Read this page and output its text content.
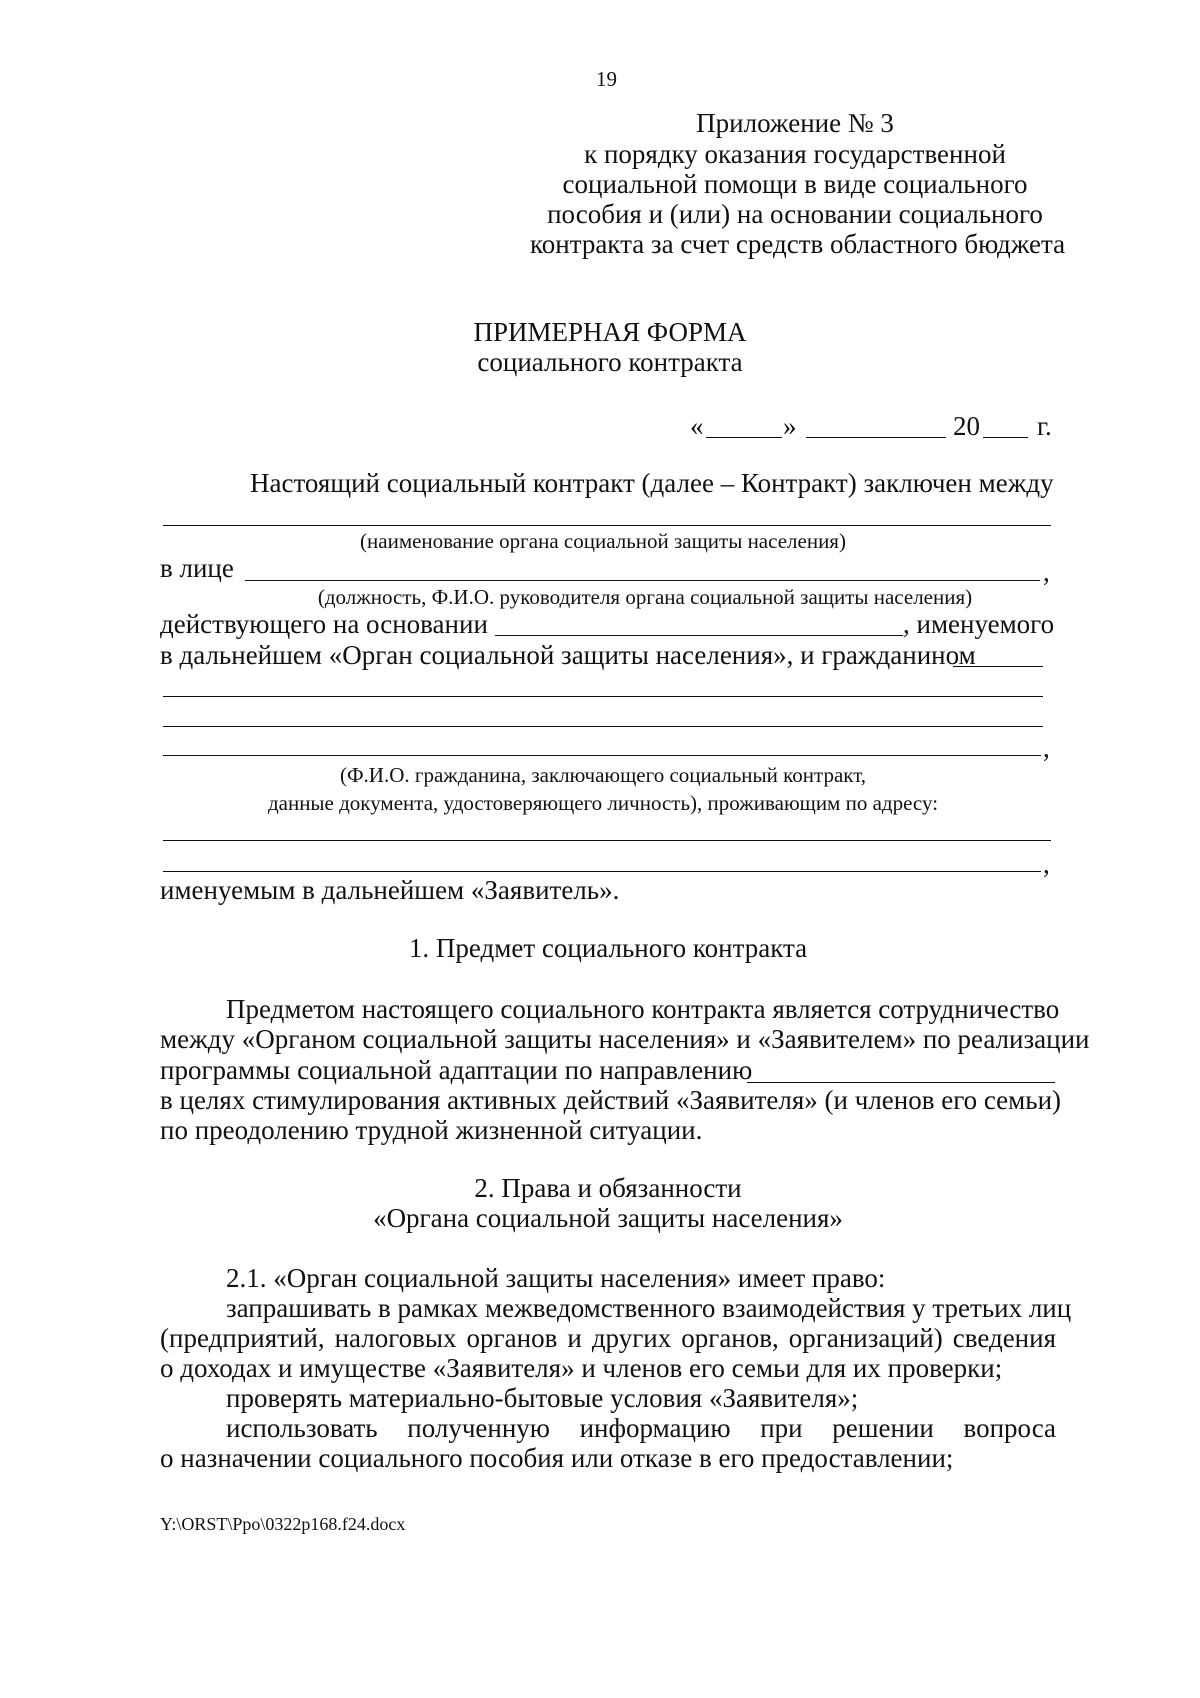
19
Приложение № 3
к порядку оказания государственной
социальной помощи в виде социального
пособия и (или) на основании социального
контракта за счет средств областного бюджета
ПРИМЕРНАЯ ФОРМА
социального контракта
«	»	20 г.
Настоящий социальный контракт (далее – Контракт) заключен между
(наименование органа социальной защиты населения)
в лице	,
(должность, Ф.И.О. руководителя органа социальной защиты населения)
действующего на основании	, именуемого
в дальнейшем «Орган социальной защиты населения», и гражданином
,
(Ф.И.О. гражданина, заключающего социальный контракт,
данные документа, удостоверяющего личность), проживающим по адресу:
,
именуемым в дальнейшем «Заявитель».
1. Предмет социального контракта
Предметом настоящего социального контракта является сотрудничество
между «Органом социальной защиты населения» и «Заявителем» по реализации
программы социальной адаптации по направлению
в целях стимулирования активных действий «Заявителя» (и членов его семьи)
по преодолению трудной жизненной ситуации.
2. Права и обязанности
«Органа социальной защиты населения»
2.1. «Орган социальной защиты населения» имеет право:
запрашивать в рамках межведомственного взаимодействия у третьих лиц
(предприятий, налоговых органов и других органов, организаций) сведения
о доходах и имуществе «Заявителя» и членов его семьи для их проверки;
проверять материально-бытовые условия «Заявителя»;
использовать полученную информацию при решении вопроса
о назначении социального пособия или отказе в его предоставлении;
Y:\ORST\Ppo\0322p168.f24.docx
